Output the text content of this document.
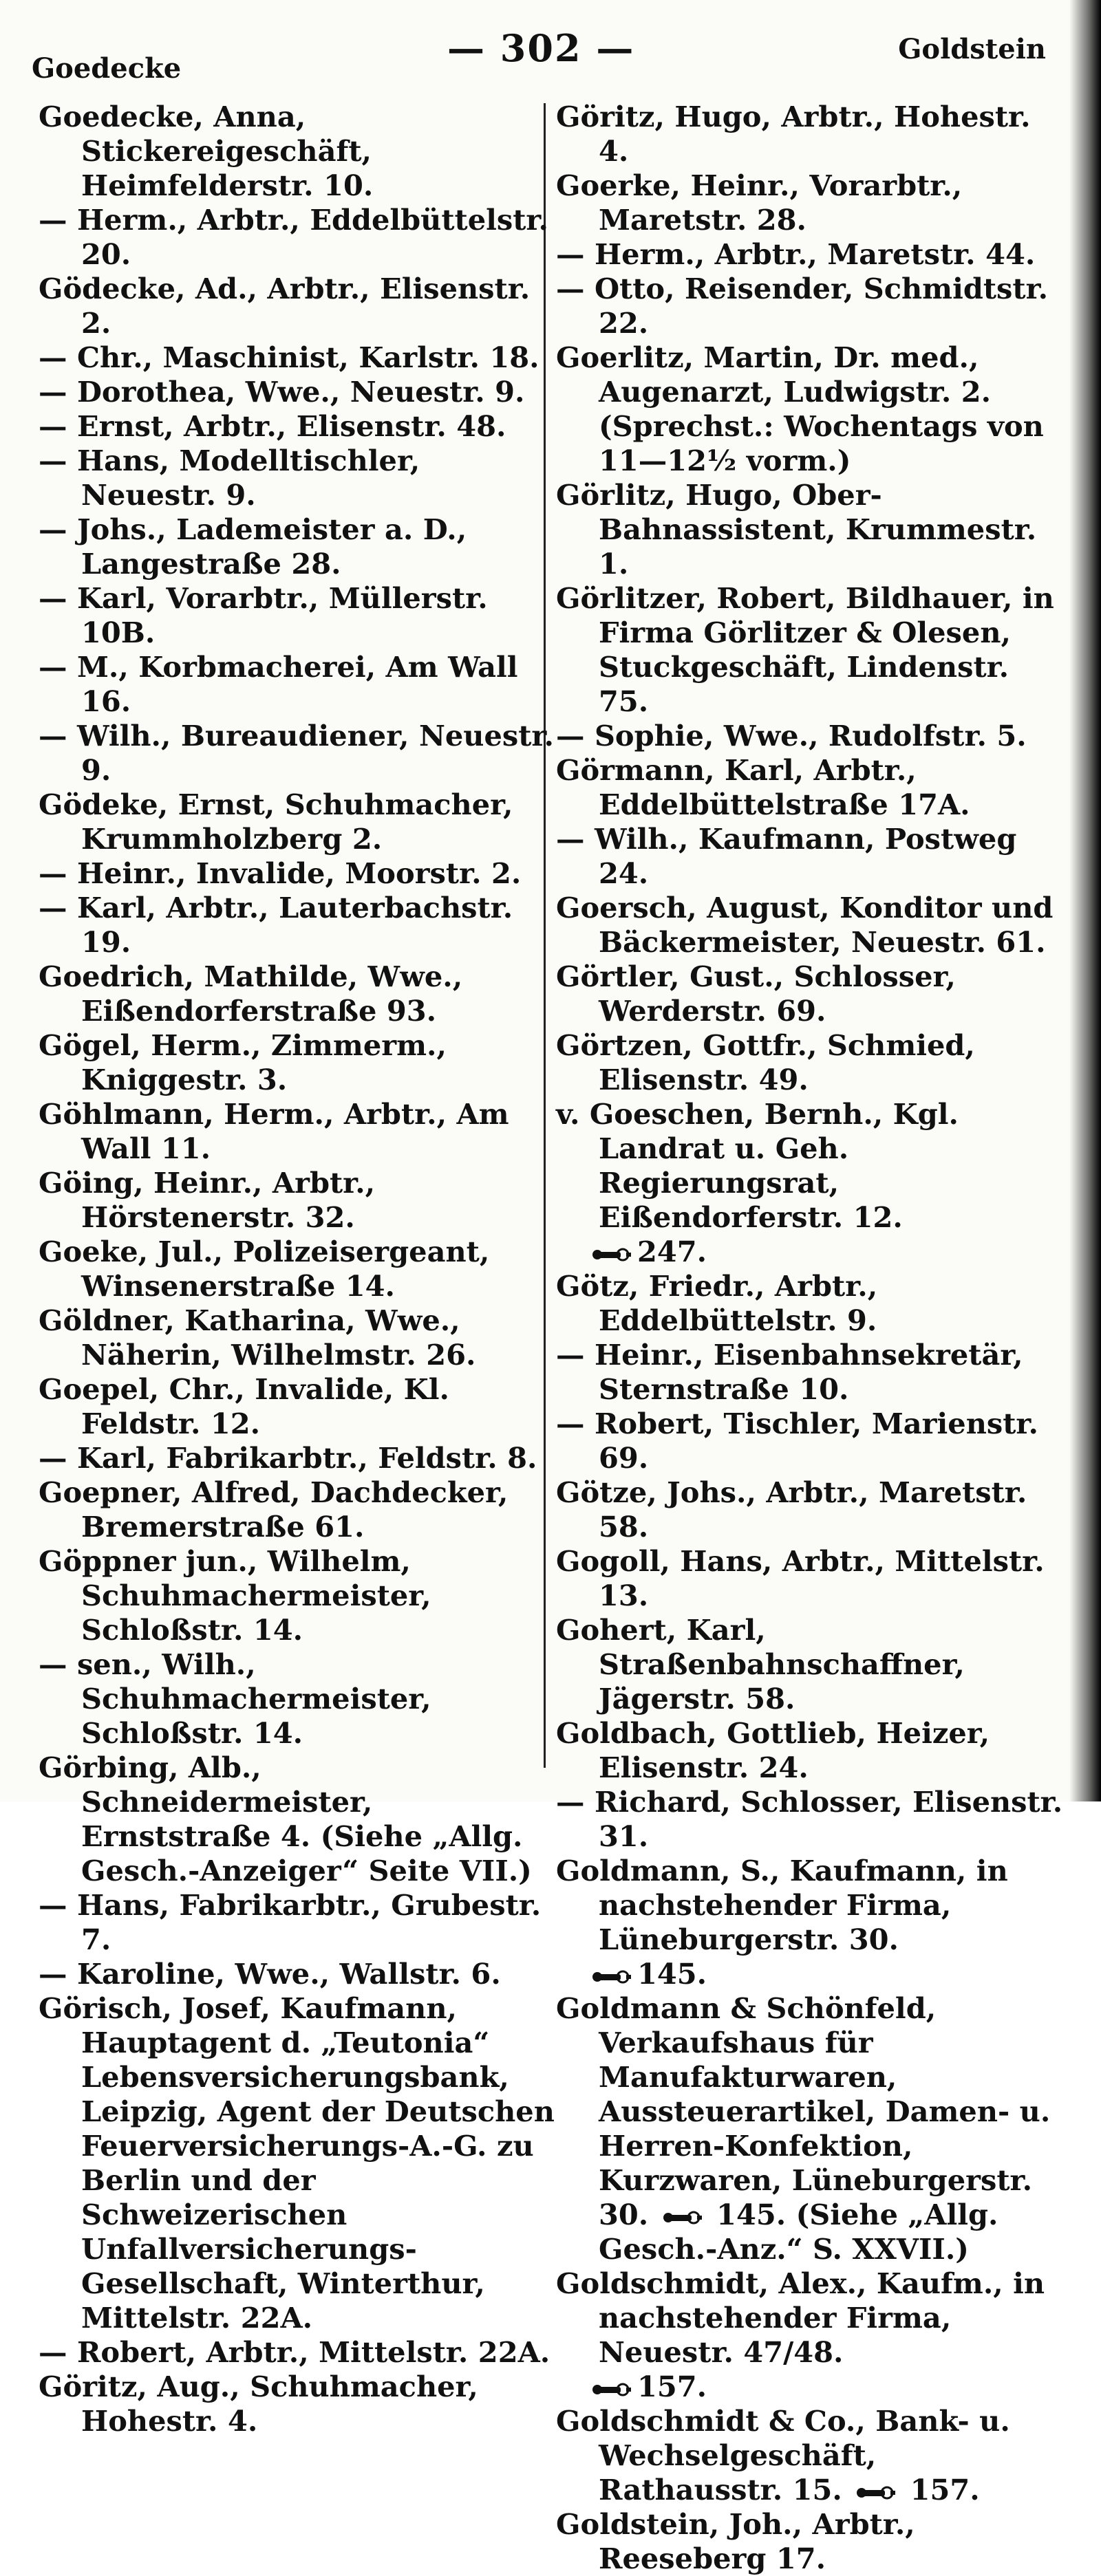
Goedecke	— 302 —	Goldstein
Goedecke, Anna, Stickereigeschäft, Heimfelderstr. 10.
— Herm., Arbtr., Eddelbüttelstr. 20.
Gödecke, Ad., Arbtr., Elisenstr. 2.
— Chr., Maschinist, Karlstr. 18.
— Dorothea, Wwe., Neuestr. 9.
— Ernst, Arbtr., Elisenstr. 48.
— Hans, Modelltischler, Neuestr. 9.
— Johs., Lademeister a. D., Langestraße 28.
— Karl, Vorarbtr., Müllerstr. 10B.
— M., Korbmacherei, Am Wall 16.
— Wilh., Bureaudiener, Neuestr. 9.
Gödeke, Ernst, Schuhmacher, Krummholzberg 2.
— Heinr., Invalide, Moorstr. 2.
— Karl, Arbtr., Lauterbachstr. 19.
Goedrich, Mathilde, Wwe., Eißendorferstraße 93.
Gögel, Herm., Zimmerm., Kniggestr. 3.
Göhlmann, Herm., Arbtr., Am Wall 11.
Göing, Heinr., Arbtr., Hörstenerstr. 32.
Goeke, Jul., Polizeisergeant, Winsenerstraße 14.
Göldner, Katharina, Wwe., Näherin, Wilhelmstr. 26.
Goepel, Chr., Invalide, Kl. Feldstr. 12.
— Karl, Fabrikarbtr., Feldstr. 8.
Goepner, Alfred, Dachdecker, Bremerstraße 61.
Göppner jun., Wilhelm, Schuhmachermeister, Schloßstr. 14.
— sen., Wilh., Schuhmachermeister, Schloßstr. 14.
Görbing, Alb., Schneidermeister, Ernststraße 4. (Siehe „Allg. Gesch.-Anzeiger“ Seite VII.)
— Hans, Fabrikarbtr., Grubestr. 7.
— Karoline, Wwe., Wallstr. 6.
Görisch, Josef, Kaufmann, Hauptagent d. „Teutonia“ Lebensversicherungsbank, Leipzig, Agent der Deutschen Feuerversicherungs-A.-G. zu Berlin und der Schweizerischen Unfallversicherungs-Gesellschaft, Winterthur, Mittelstr. 22A.
— Robert, Arbtr., Mittelstr. 22A.
Göritz, Aug., Schuhmacher, Hohestr. 4.
Göritz, Hugo, Arbtr., Hohestr. 4.
Goerke, Heinr., Vorarbtr., Maretstr. 28.
— Herm., Arbtr., Maretstr. 44.
— Otto, Reisender, Schmidtstr. 22.
Goerlitz, Martin, Dr. med., Augenarzt, Ludwigstr. 2. (Sprechst.: Wochentags von 11—12½ vorm.)
Görlitz, Hugo, Ober-Bahnassistent, Krummestr. 1.
Görlitzer, Robert, Bildhauer, in Firma Görlitzer & Olesen, Stuckgeschäft, Lindenstr. 75.
— Sophie, Wwe., Rudolfstr. 5.
Görmann, Karl, Arbtr., Eddelbüttelstraße 17A.
— Wilh., Kaufmann, Postweg 24.
Goersch, August, Konditor und Bäckermeister, Neuestr. 61.
Görtler, Gust., Schlosser, Werderstr. 69.
Görtzen, Gottfr., Schmied, Elisenstr. 49.
v. Goeschen, Bernh., Kgl. Landrat u. Geh. Regierungsrat, Eißendorferstr. 12.
247.
Götz, Friedr., Arbtr., Eddelbüttelstr. 9.
— Heinr., Eisenbahnsekretär, Sternstraße 10.
— Robert, Tischler, Marienstr. 69.
Götze, Johs., Arbtr., Maretstr. 58.
Gogoll, Hans, Arbtr., Mittelstr. 13.
Gohert, Karl, Straßenbahnschaffner, Jägerstr. 58.
Goldbach, Gottlieb, Heizer, Elisenstr. 24.
— Richard, Schlosser, Elisenstr. 31.
Goldmann, S., Kaufmann, in nachstehender Firma, Lüneburgerstr. 30.
145.
Goldmann & Schönfeld, Verkaufshaus für Manufakturwaren, Aussteuerartikel, Damen- u. Herren-Konfektion, Kurzwaren, Lüneburgerstr. 30.  145. (Siehe „Allg. Gesch.-Anz.“ S. XXVII.)
Goldschmidt, Alex., Kaufm., in nachstehender Firma, Neuestr. 47/48.
157.
Goldschmidt & Co., Bank- u. Wechselgeschäft, Rathausstr. 15.  157.
Goldstein, Joh., Arbtr., Reeseberg 17.
